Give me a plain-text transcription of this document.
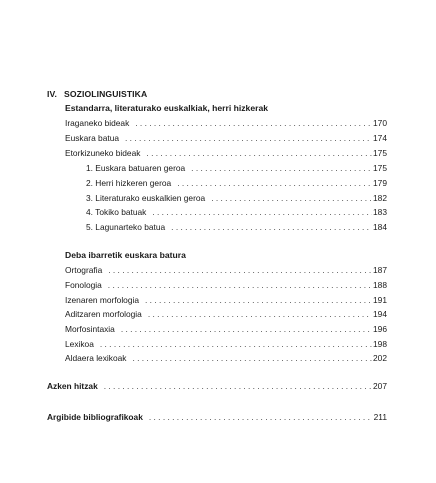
IV. SOZIOLINGUISTIKA
Estandarra, literaturako euskalkiak, herri hizkerak
Iraganeko bideak . . .	170
Euskara batua . . .	174
Etorkizuneko bideak . . .	175
1. Euskara batuaren geroa . . .	175
2. Herri hizkeren geroa . . .	179
3. Literaturako euskalkien geroa . . .	182
4. Tokiko batuak . . .	183
5. Lagunarteko batua . . .	184
Deba ibarretik euskara batura
Ortografia . . .	187
Fonologia . . .	188
Izenaren morfologia . . .	191
Aditzaren morfologia . . .	194
Morfosintaxia . . .	196
Lexikoa . . .	198
Aldaera lexikoak . . .	202
Azken hitzak . . .	207
Argibide bibliografikoak . . .	211
